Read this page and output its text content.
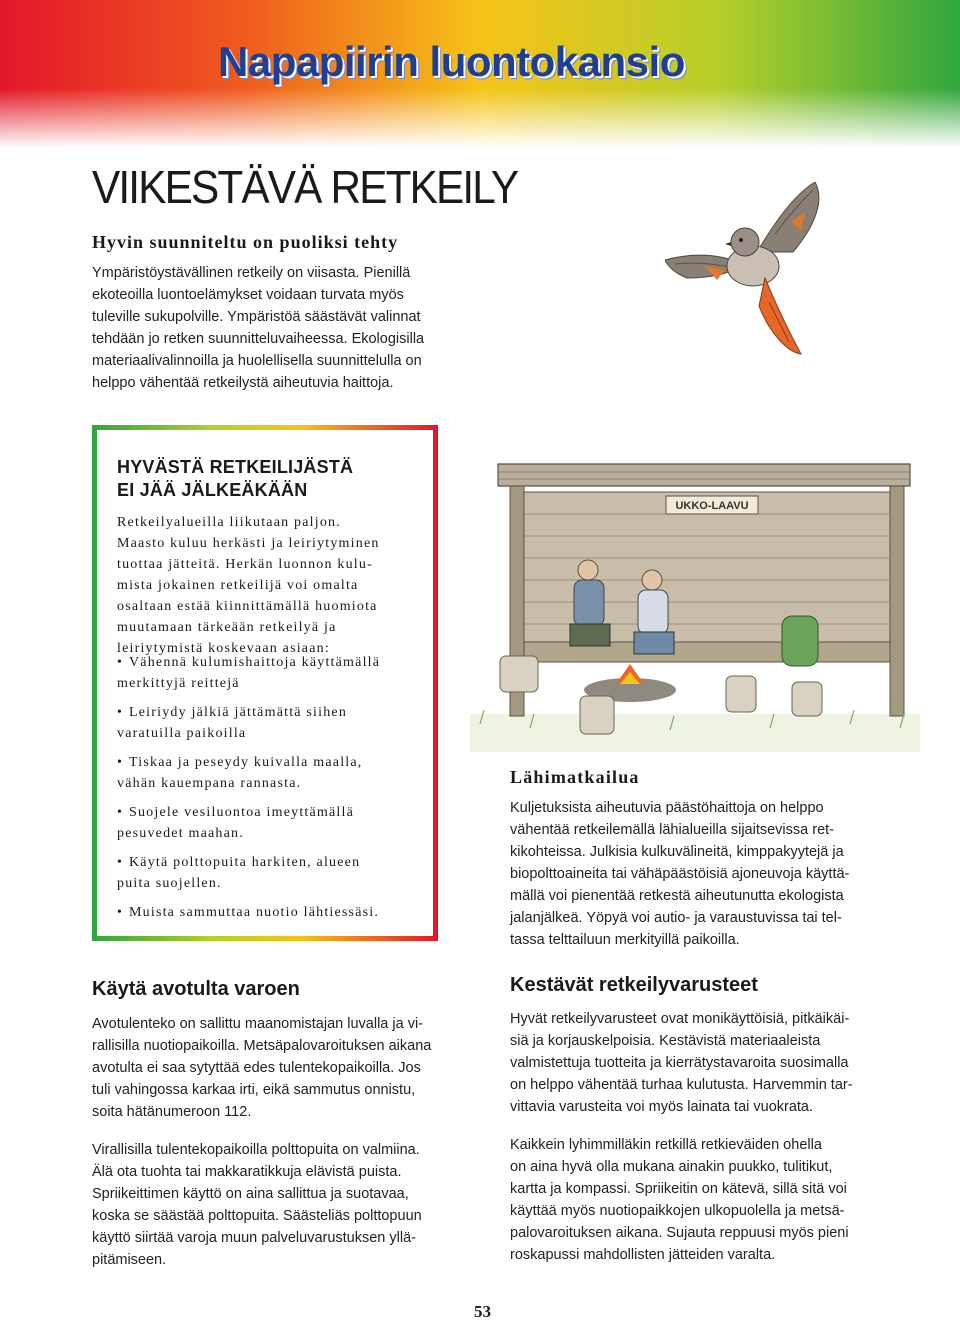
Napapiirin luontokansio
VIIKESTÄVÄ RETKEILY
Hyvin suunniteltu on puoliksi tehty
Ympäristöystävällinen retkeily on viisasta. Pienillä
ekoteoilla luontoelämykset voidaan turvata myös
tuleville sukupolville. Ympäristöä säästävät valinnat
tehdään jo retken suunnitteluvaiheessa. Ekologisilla
materiaalivalinnoilla ja huolellisella suunnittelulla on
helppo vähentää retkeilystä aiheutuvia haittoja.
HYVÄSTÄ RETKEILIJÄSTÄ
EI JÄÄ JÄLKEÄKÄÄN
Retkeilyalueilla liikutaan paljon.
Maasto kuluu herkästi ja leiriytyminen
tuottaa jätteitä. Herkän luonnon kulu-
mista jokainen retkeilijä voi omalta
osaltaan estää kiinnittämällä huomiota
muutamaan tärkeään retkeilyä ja
leiriytymistä koskevaan asiaan:
• Vähennä kulumishaittoja käyttämällä
merkittyjä reittejä
• Leiriydy jälkiä jättämättä siihen
varatuilla paikoilla
• Tiskaa ja peseydy kuivalla maalla,
vähän kauempana rannasta.
• Suojele vesiluontoa imeyttämällä
pesuvedet maahan.
• Käytä polttopuita harkiten, alueen
puita suojellen.
• Muista sammuttaa nuotio lähtiessäsi.
UKKO-LAAVU
Lähimatkailua
Kuljetuksista aiheutuvia päästöhaittoja on helppo
vähentää retkeilemällä lähialueilla sijaitsevissa ret-
kikohteissa. Julkisia kulkuvälineitä, kimppakyytejä ja
biopolttoaineita tai vähäpäästöisiä ajoneuvoja käyttä-
mällä voi pienentää retkestä aiheutunutta ekologista
jalanjälkeä. Yöpyä voi autio- ja varaustuvissa tai tel-
tassa telttailuun merkityillä paikoilla.
Käytä avotulta varoen
Avotulenteko on sallittu maanomistajan luvalla ja vi-
rallisilla nuotiopaikoilla. Metsäpalovaroituksen aikana
avotulta ei saa sytyttää edes tulentekopaikoilla. Jos
tuli vahingossa karkaa irti, eikä sammutus onnistu,
soita hätänumeroon 112.
Virallisilla tulentekopaikoilla polttopuita on valmiina.
Älä ota tuohta tai makkaratikkuja elävistä puista.
Spriikeittimen käyttö on aina sallittua ja suotavaa,
koska se säästää polttopuita. Säästeliäs polttopuun
käyttö siirtää varoja muun palveluvarustuksen yllä-
pitämiseen.
Kestävät retkeilyvarusteet
Hyvät retkeilyvarusteet ovat monikäyttöisiä, pitkäikäi-
siä ja korjauskelpoisia. Kestävistä materiaaleista
valmistettuja tuotteita ja kierrätystavaroita suosimalla
on helppo vähentää turhaa kulutusta. Harvemmin tar-
vittavia varusteita voi myös lainata tai vuokrata.
Kaikkein lyhimmilläkin retkillä retkieväiden ohella
on aina hyvä olla mukana ainakin puukko, tulitikut,
kartta ja kompassi. Spriikeitin on kätevä, sillä sitä voi
käyttää myös nuotiopaikkojen ulkopuolella ja metsä-
palovaroituksen aikana. Sujauta reppuusi myös pieni
roskapussi mahdollisten jätteiden varalta.
53
